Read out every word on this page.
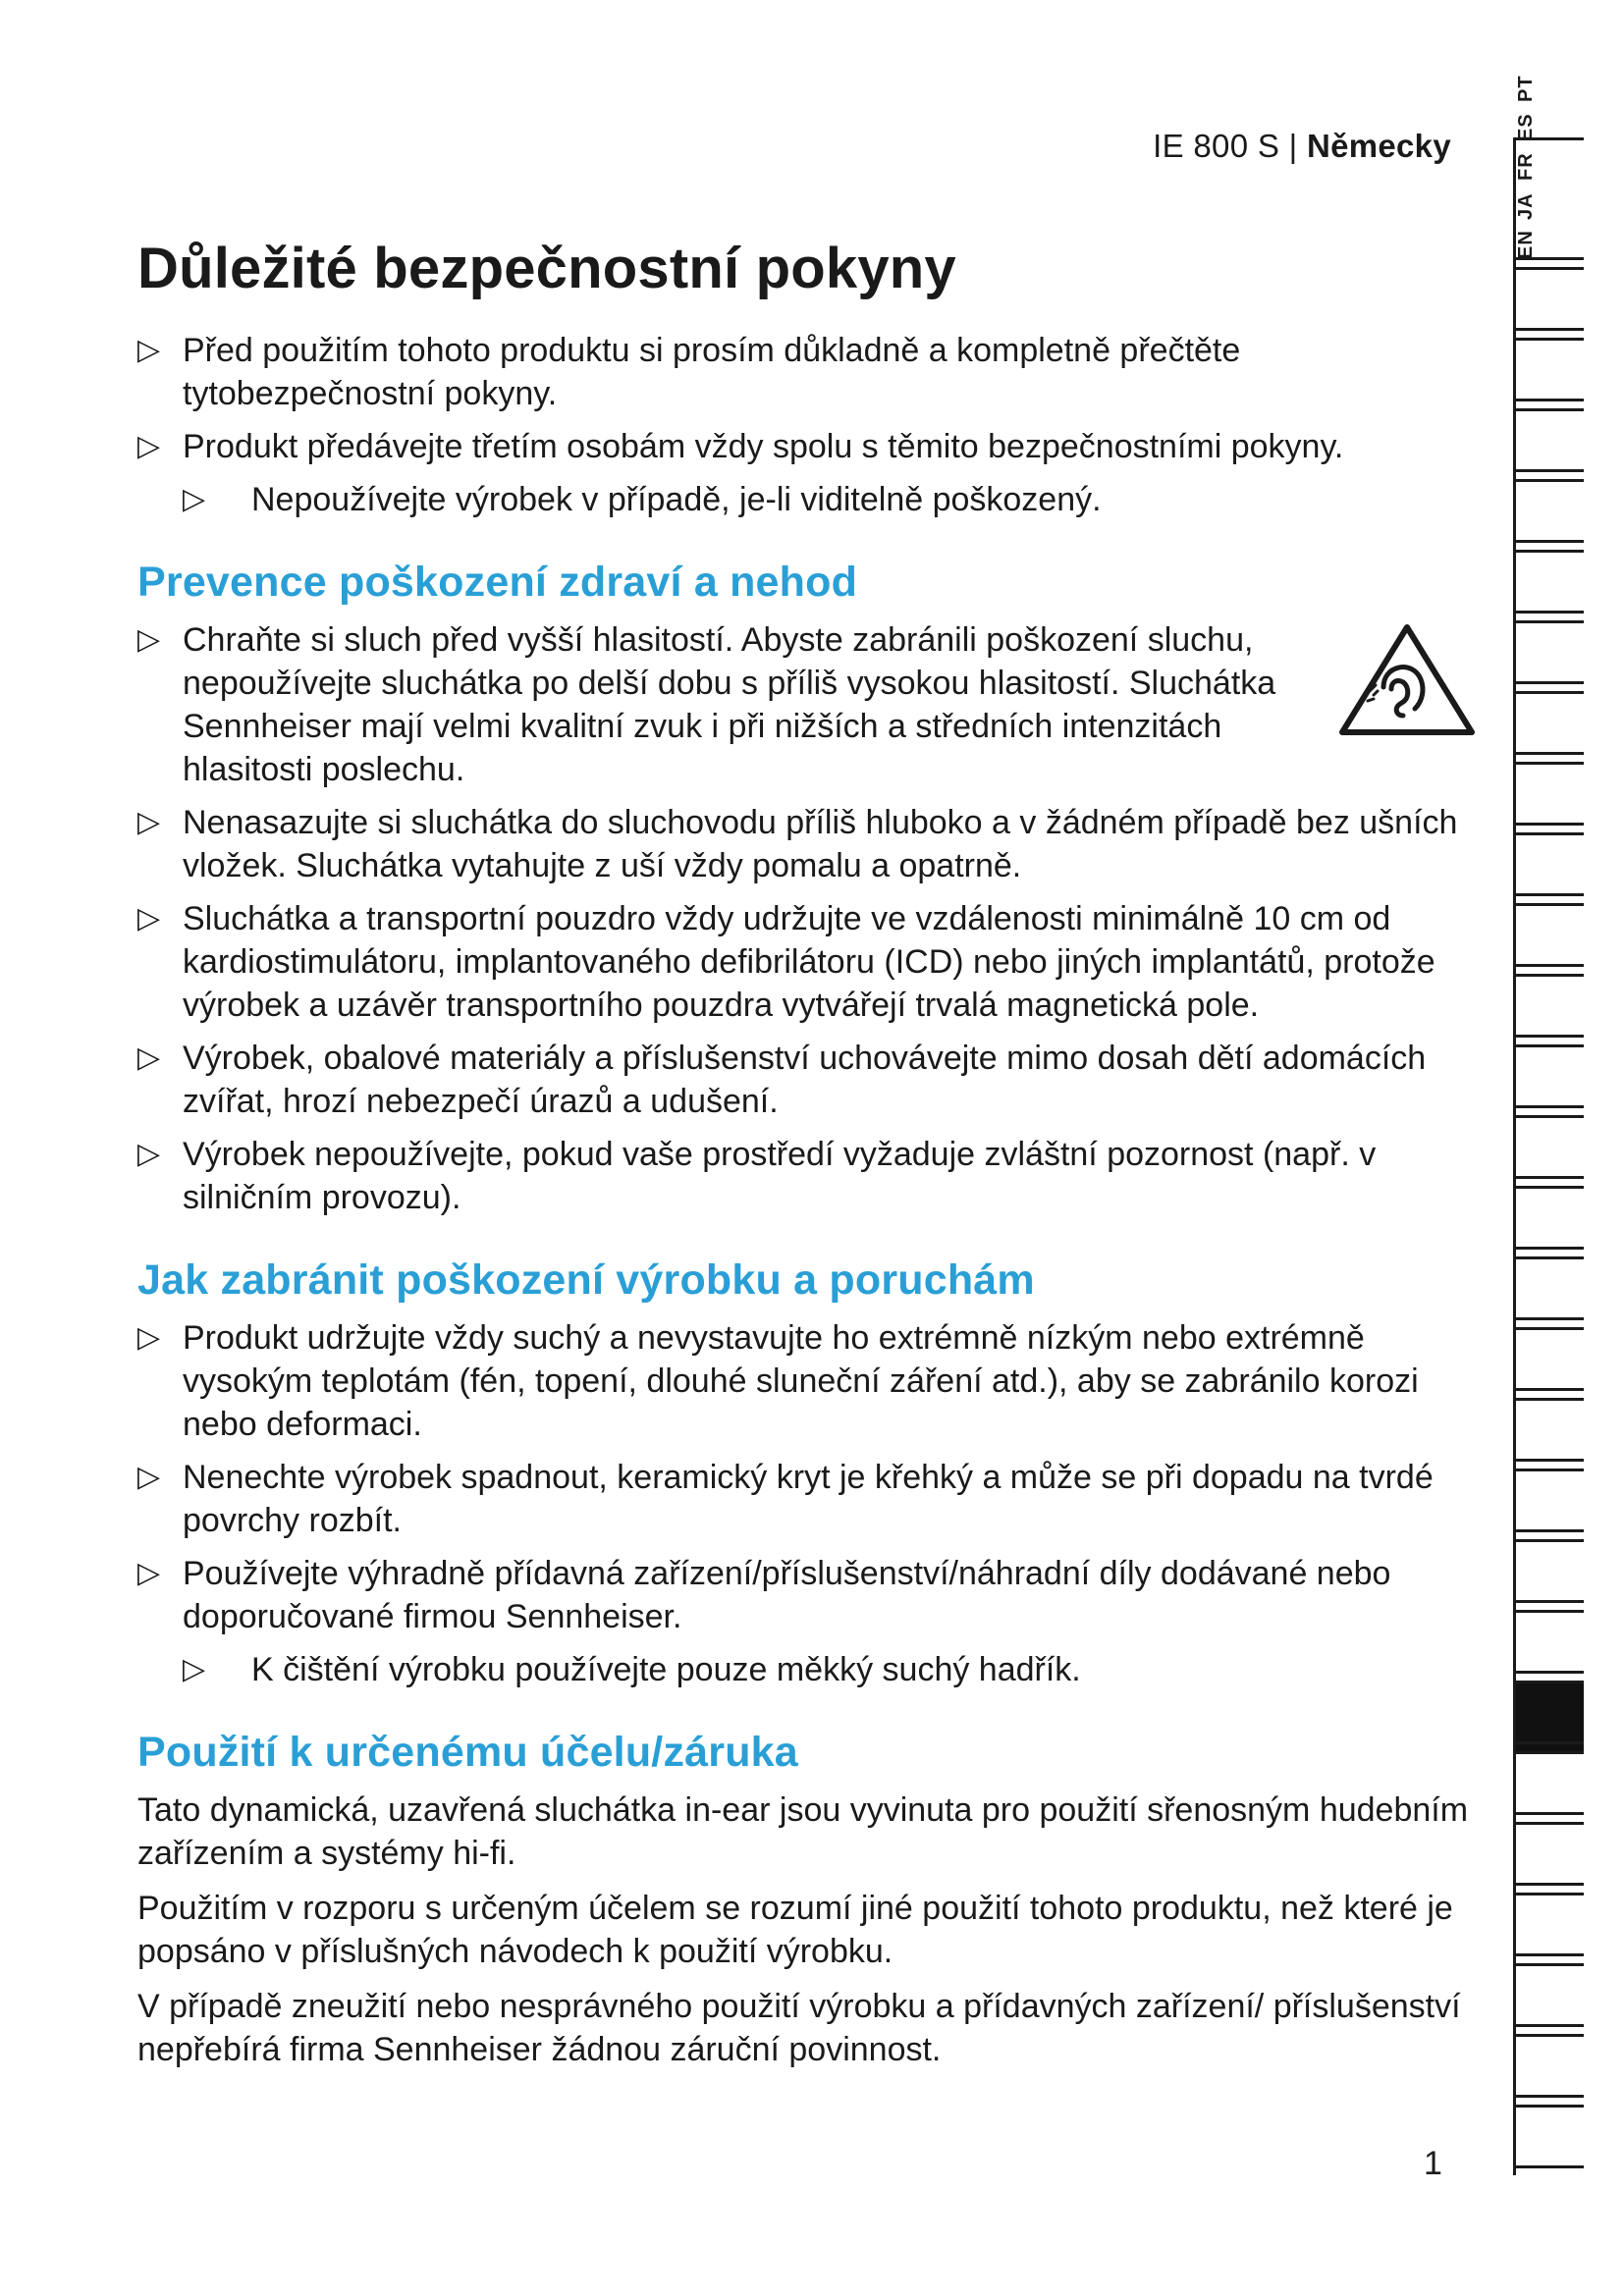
IE 800 S | Německy
EN
JA
FR
ES
PT
Důležité bezpečnostní pokyny
▷ Před použitím tohoto produktu si prosím důkladně a kompletně přečtěte tytobezpečnostní pokyny.
▷ Produkt předávejte třetím osobám vždy spolu s těmito bezpečnostními pokyny.
▷ Nepoužívejte výrobek v případě, je-li viditelně poškozený.
Prevence poškození zdraví a nehod
▷ Chraňte si sluch před vyšší hlasitostí. Abyste zabránili poškození sluchu, nepoužívejte sluchátka po delší dobu s příliš vysokou hlasitostí. Sluchátka Sennheiser mají velmi kvalitní zvuk i při nižších a středních intenzitách hlasitosti poslechu.
▷ Nenasazujte si sluchátka do sluchovodu příliš hluboko a v žádném případě bez ušních vložek. Sluchátka vytahujte z uší vždy pomalu a opatrně.
▷ Sluchátka a transportní pouzdro vždy udržujte ve vzdálenosti minimálně 10 cm od kardiostimulátoru, implantovaného defibrilátoru (ICD) nebo jiných implantátů, protože výrobek a uzávěr transportního pouzdra vytvářejí trvalá magnetická pole.
▷ Výrobek, obalové materiály a příslušenství uchovávejte mimo dosah dětí adomácích zvířat, hrozí nebezpečí úrazů a udušení.
▷ Výrobek nepoužívejte, pokud vaše prostředí vyžaduje zvláštní pozornost (např. v silničním provozu).
Jak zabránit poškození výrobku a poruchám
▷ Produkt udržujte vždy suchý a nevystavujte ho extrémně nízkým nebo extrémně vysokým teplotám (fén, topení, dlouhé sluneční záření atd.), aby se zabránilo korozi nebo deformaci.
▷ Nenechte výrobek spadnout, keramický kryt je křehký a může se při dopadu na tvrdé povrchy rozbít.
▷ Používejte výhradně přídavná zařízení/příslušenství/náhradní díly dodávané nebo doporučované firmou Sennheiser.
▷ K čištění výrobku používejte pouze měkký suchý hadřík.
Použití k určenému účelu/záruka
Tato dynamická, uzavřená sluchátka in-ear jsou vyvinuta pro použití sřenosným hudebním zařízením a systémy hi-fi.
Použitím v rozporu s určeným účelem se rozumí jiné použití tohoto produktu, než které je popsáno v příslušných návodech k použití výrobku.
V případě zneužití nebo nesprávného použití výrobku a přídavných zařízení/ příslušenství nepřebírá firma Sennheiser žádnou záruční povinnost.
1
